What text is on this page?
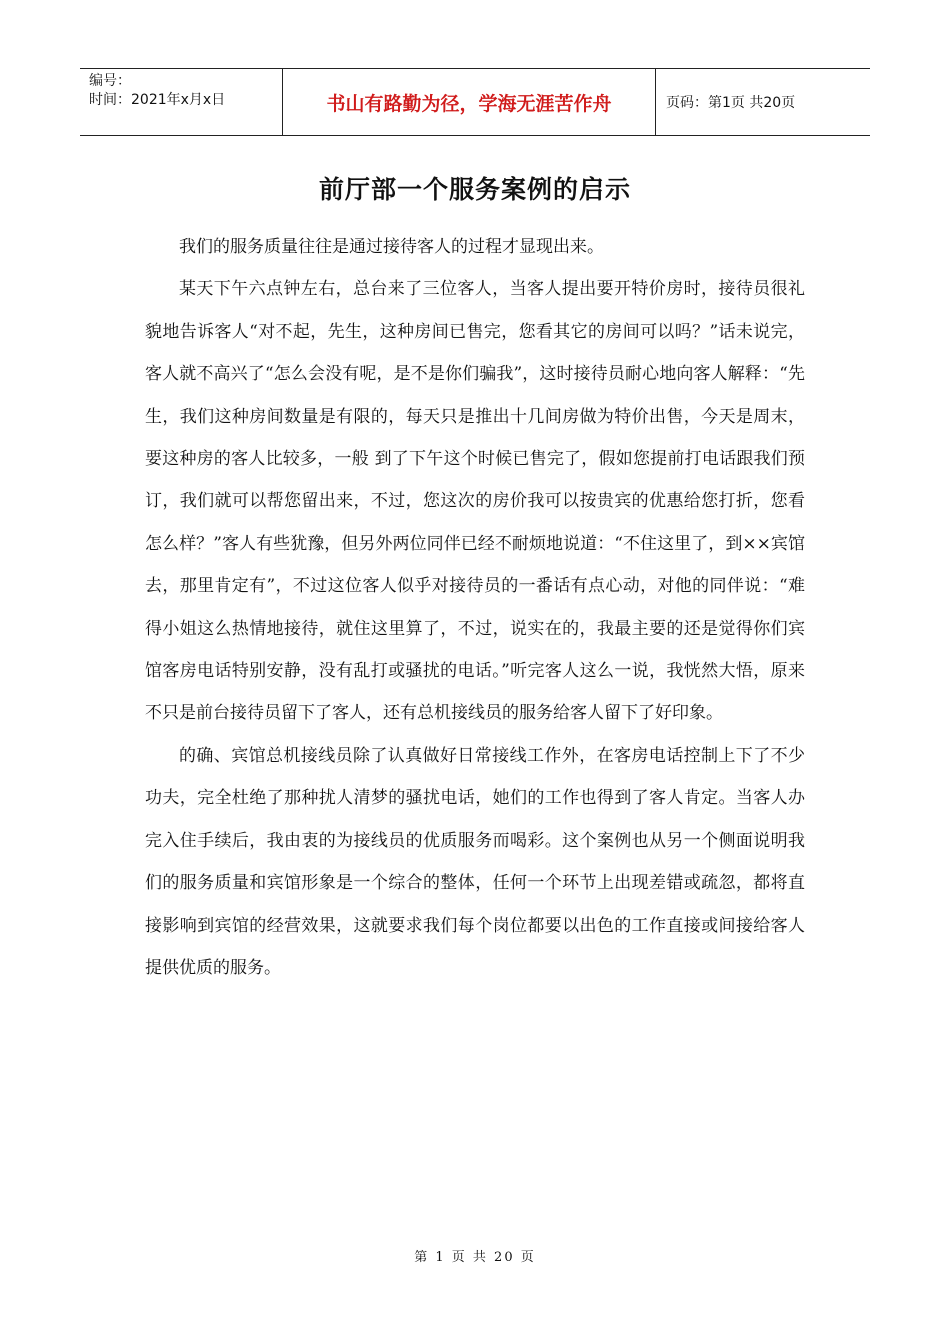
编号：
时间：2021年x月x日	书山有路勤为径，学海无涯苦作舟	页码：第1页 共20页
前厅部一个服务案例的启示

我们的服务质量往往是通过接待客人的过程才显现出来。

某天下午六点钟左右，总台来了三位客人，当客人提出要开特价房时，接待员很礼貌地告诉客人“对不起，先生，这种房间已售完，您看其它的房间可以吗？”话未说完，客人就不高兴了“怎么会没有呢，是不是你们骗我”，这时接待员耐心地向客人解释：“先生，我们这种房间数量是有限的，每天只是推出十几间房做为特价出售，今天是周末，要这种房的客人比较多，一般 到了下午这个时候已售完了，假如您提前打电话跟我们预订，我们就可以帮您留出来，不过，您这次的房价我可以按贵宾的优惠给您打折，您看怎么样？”客人有些犹豫，但另外两位同伴已经不耐烦地说道：“不住这里了，到××宾馆去，那里肯定有”，不过这位客人似乎对接待员的一番话有点心动，对他的同伴说：“难得小姐这么热情地接待，就住这里算了，不过，说实在的，我最主要的还是觉得你们宾馆客房电话特别安静，没有乱打或骚扰的电话。”听完客人这么一说，我恍然大悟，原来不只是前台接待员留下了客人，还有总机接线员的服务给客人留下了好印象。

的确、宾馆总机接线员除了认真做好日常接线工作外，在客房电话控制上下了不少功夫，完全杜绝了那种扰人清梦的骚扰电话，她们的工作也得到了客人肯定。当客人办完入住手续后，我由衷的为接线员的优质服务而喝彩。这个案例也从另一个侧面说明我们的服务质量和宾馆形象是一个综合的整体，任何一个环节上出现差错或疏忽，都将直接影响到宾馆的经营效果，这就要求我们每个岗位都要以出色的工作直接或间接给客人提供优质的服务。

第 1 页 共 20 页
